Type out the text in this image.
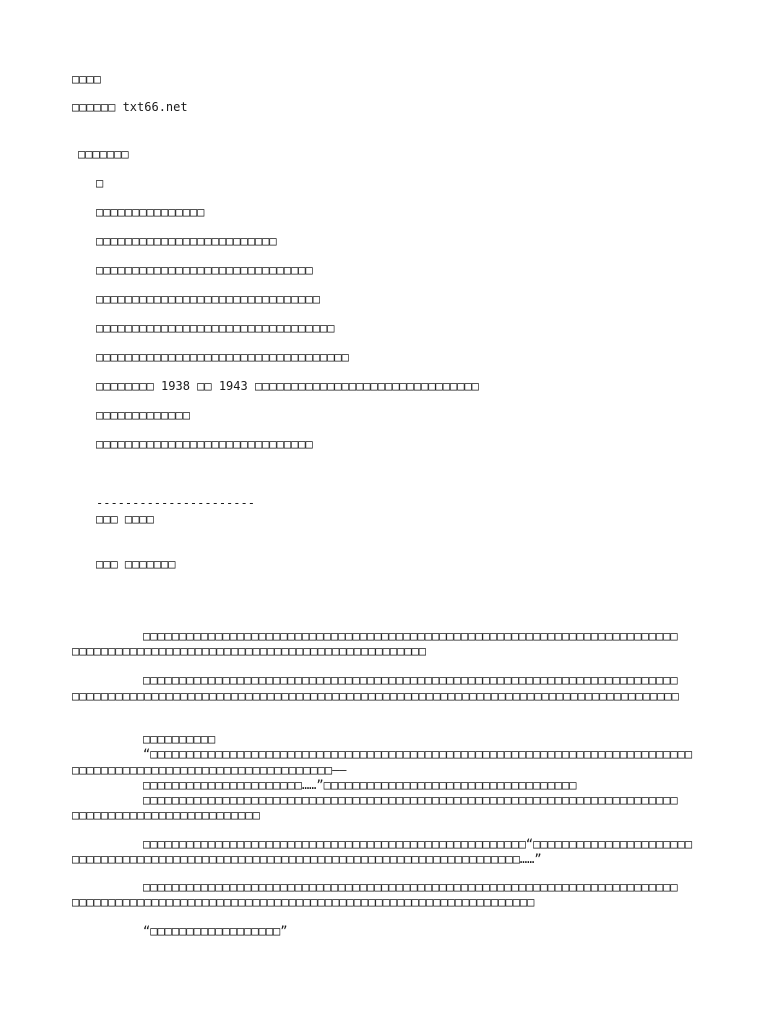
□□□□
□□□□□□ txt66.net
□□□□□□□
□
□□□□□□□□□□□□□□□
□□□□□□□□□□□□□□□□□□□□□□□□□
□□□□□□□□□□□□□□□□□□□□□□□□□□□□□□
□□□□□□□□□□□□□□□□□□□□□□□□□□□□□□□
□□□□□□□□□□□□□□□□□□□□□□□□□□□□□□□□□
□□□□□□□□□□□□□□□□□□□□□□□□□□□□□□□□□□□
□□□□□□□□ 1938 □□ 1943 □□□□□□□□□□□□□□□□□□□□□□□□□□□□□□□
□□□□□□□□□□□□□
□□□□□□□□□□□□□□□□□□□□□□□□□□□□□□
----------------------
□□□ □□□□
□□□ □□□□□□□
□□□□□□□□□□□□□□□□□□□□□□□□□□□□□□□□□□□□□□□□□□□□□□□□□□□□□□□□□□□□□□□□□□□□□□□□□□
□□□□□□□□□□□□□□□□□□□□□□□□□□□□□□□□□□□□□□□□□□□□□□□□□
□□□□□□□□□□□□□□□□□□□□□□□□□□□□□□□□□□□□□□□□□□□□□□□□□□□□□□□□□□□□□□□□□□□□□□□□□□
□□□□□□□□□□□□□□□□□□□□□□□□□□□□□□□□□□□□□□□□□□□□□□□□□□□□□□□□□□□□□□□□□□□□□□□□□□□□□□□□□□□□
□□□□□□□□□□
“□□□□□□□□□□□□□□□□□□□□□□□□□□□□□□□□□□□□□□□□□□□□□□□□□□□□□□□□□□□□□□□□□□□□□□□□□□□
□□□□□□□□□□□□□□□□□□□□□□□□□□□□□□□□□□□□——
□□□□□□□□□□□□□□□□□□□□□□……”□□□□□□□□□□□□□□□□□□□□□□□□□□□□□□□□□□□
□□□□□□□□□□□□□□□□□□□□□□□□□□□□□□□□□□□□□□□□□□□□□□□□□□□□□□□□□□□□□□□□□□□□□□□□□□
□□□□□□□□□□□□□□□□□□□□□□□□□□
□□□□□□□□□□□□□□□□□□□□□□□□□□□□□□□□□□□□□□□□□□□□□□□□□□□□□“□□□□□□□□□□□□□□□□□□□□□□
□□□□□□□□□□□□□□□□□□□□□□□□□□□□□□□□□□□□□□□□□□□□□□□□□□□□□□□□□□□□□□……”
□□□□□□□□□□□□□□□□□□□□□□□□□□□□□□□□□□□□□□□□□□□□□□□□□□□□□□□□□□□□□□□□□□□□□□□□□□
□□□□□□□□□□□□□□□□□□□□□□□□□□□□□□□□□□□□□□□□□□□□□□□□□□□□□□□□□□□□□□□□
“□□□□□□□□□□□□□□□□□□”
